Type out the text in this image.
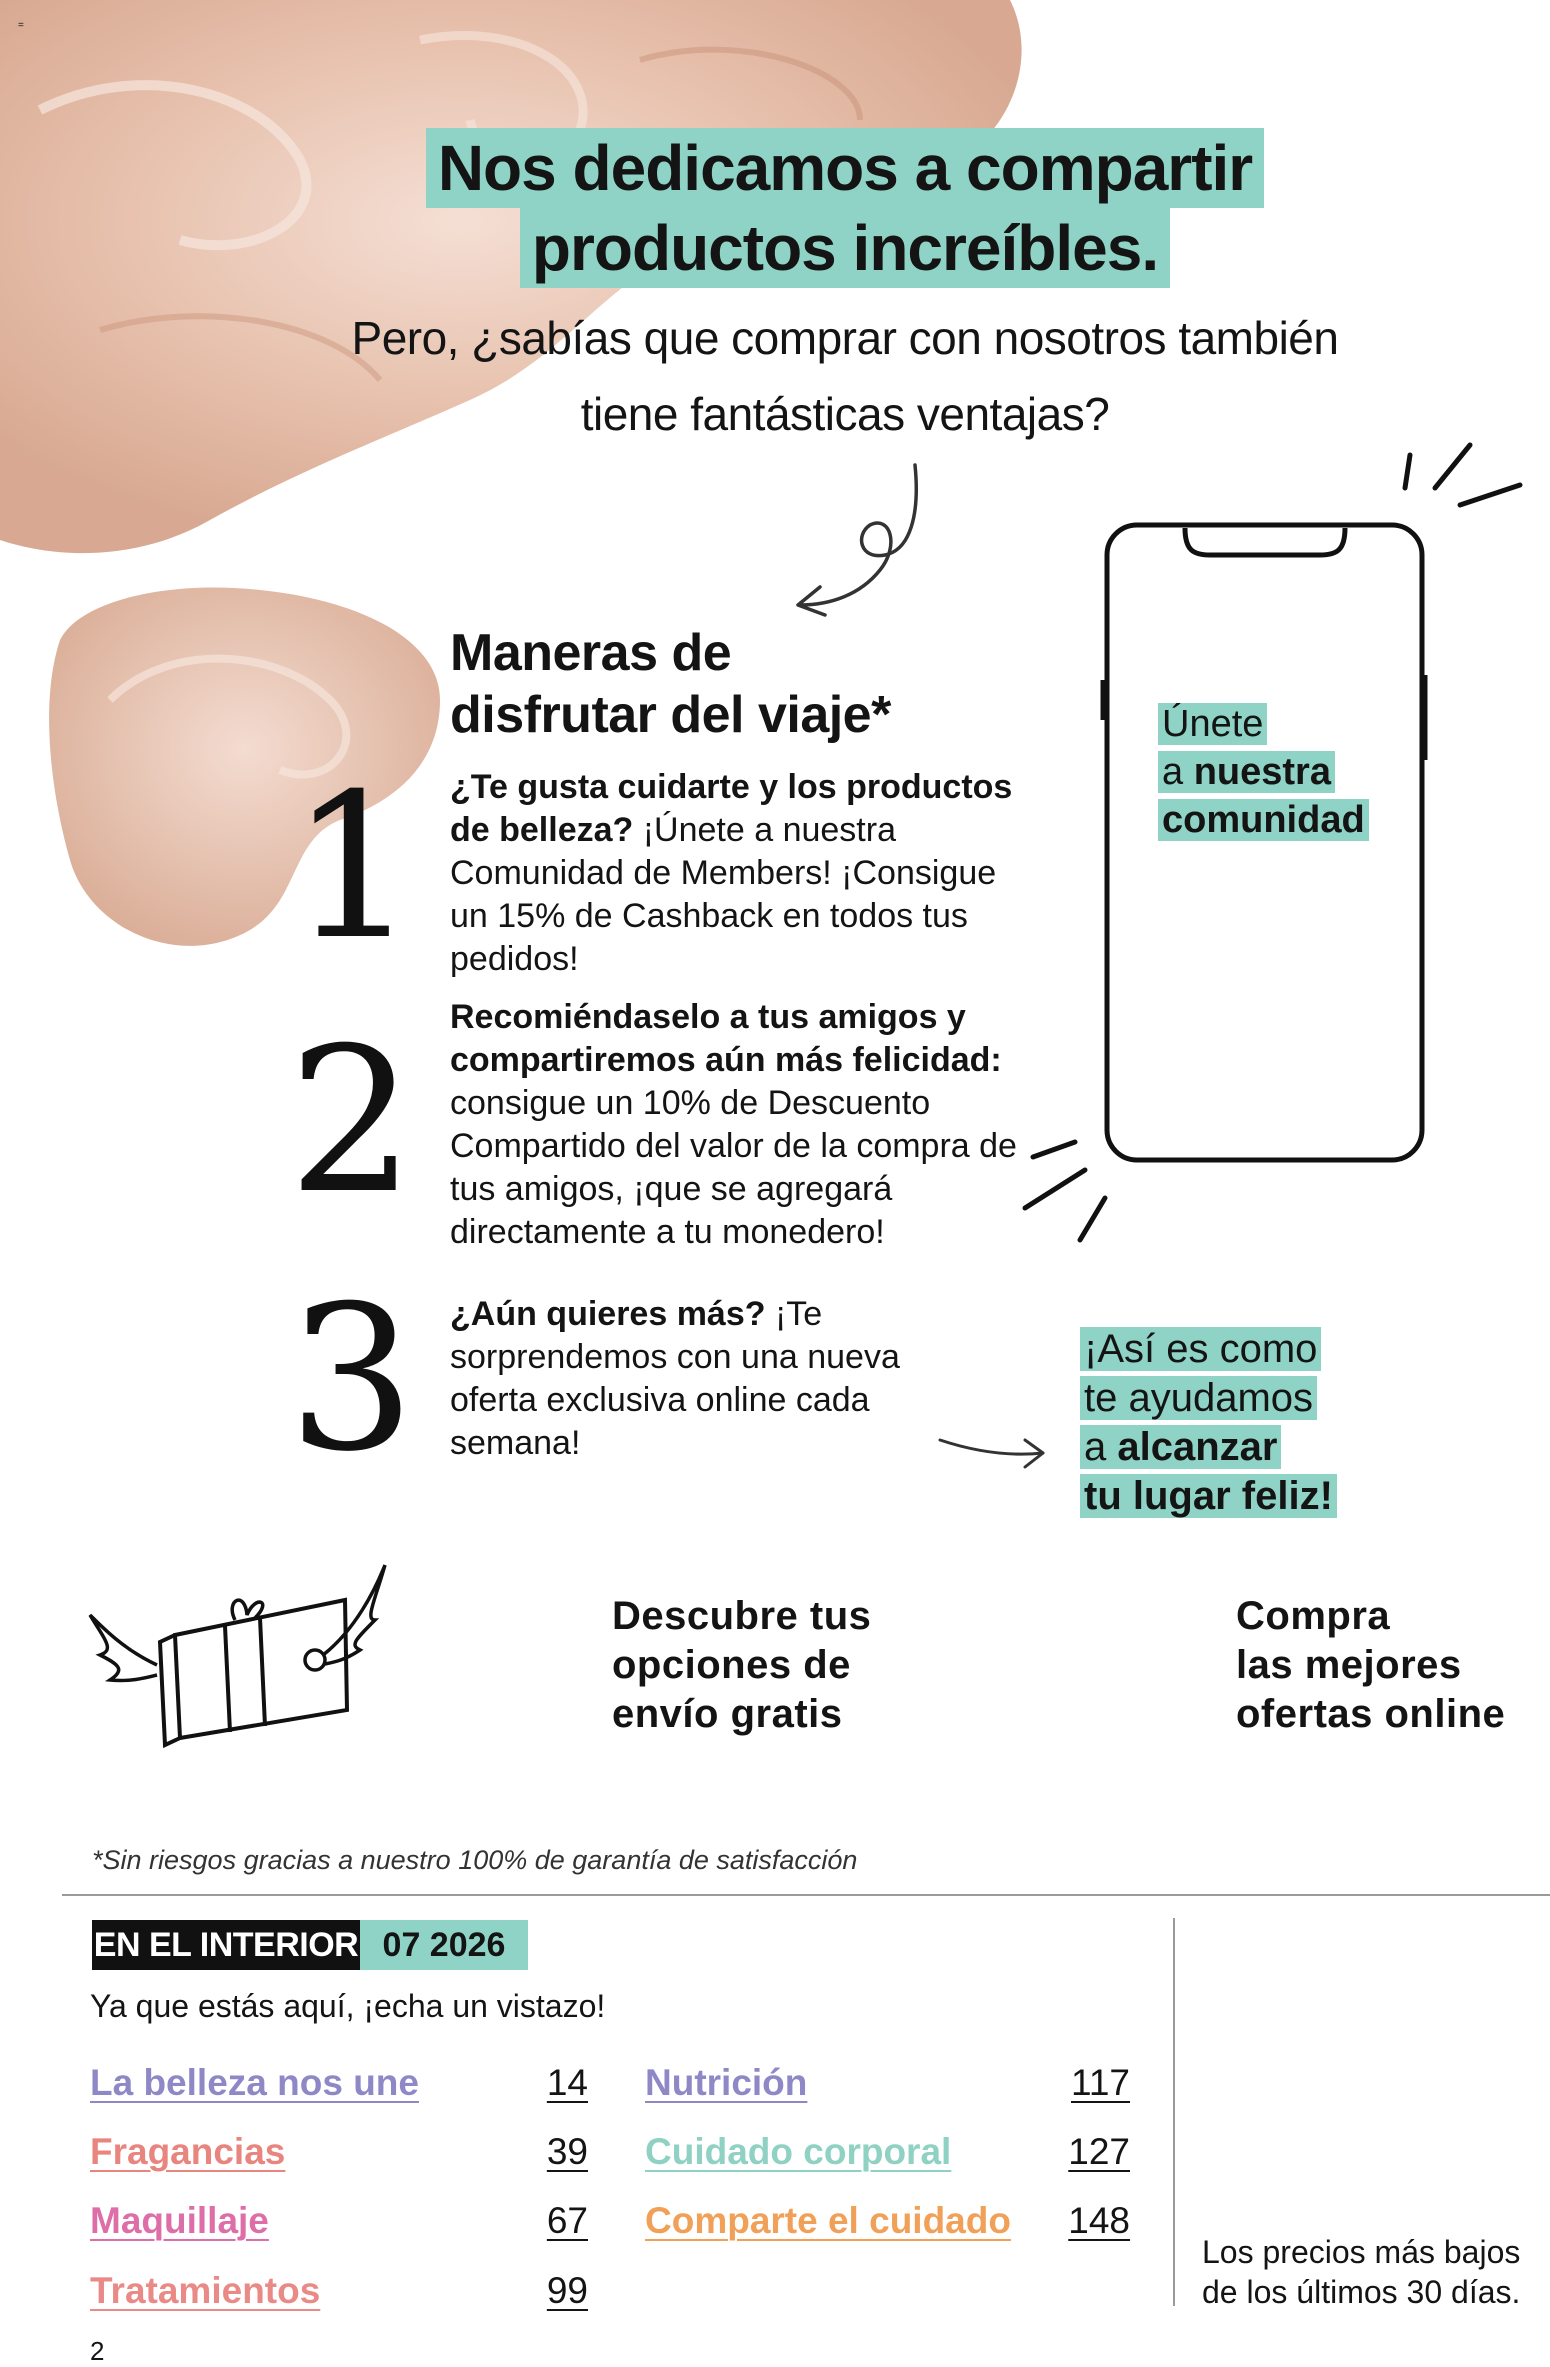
=
Nos dedicamos a compartir
productos increíbles.
Pero, ¿sabías que comprar con nosotros también
tiene fantásticas ventajas?
Maneras de
disfrutar del viaje*
1
2
3
¿Te gusta cuidarte y los productos de belleza? ¡Únete a nuestra Comunidad de Members! ¡Consigue un 15% de Cashback en todos tus pedidos!
Recomiéndaselo a tus amigos y compartiremos aún más felicidad: consigue un 10% de Descuento Compartido del valor de la compra de tus amigos, ¡que se agregará directamente a tu monedero!
¿Aún quieres más? ¡Te sorprendemos con una nueva oferta exclusiva online cada semana!
Únete
a nuestra
comunidad
¡Así es como
te ayudamos
a alcanzar
tu lugar feliz!
Descubre tus
opciones de
envío gratis
Compra
las mejores
ofertas online
*Sin riesgos gracias a nuestro 100% de garantía de satisfacción
EN EL INTERIOR 07 2026
Ya que estás aquí, ¡echa un vistazo!
La belleza nos une	14
Fragancias	39
Maquillaje	67
Tratamientos	99
Nutrición	117
Cuidado corporal	127
Comparte el cuidado	148
Los precios más bajos
de los últimos 30 días.
2
